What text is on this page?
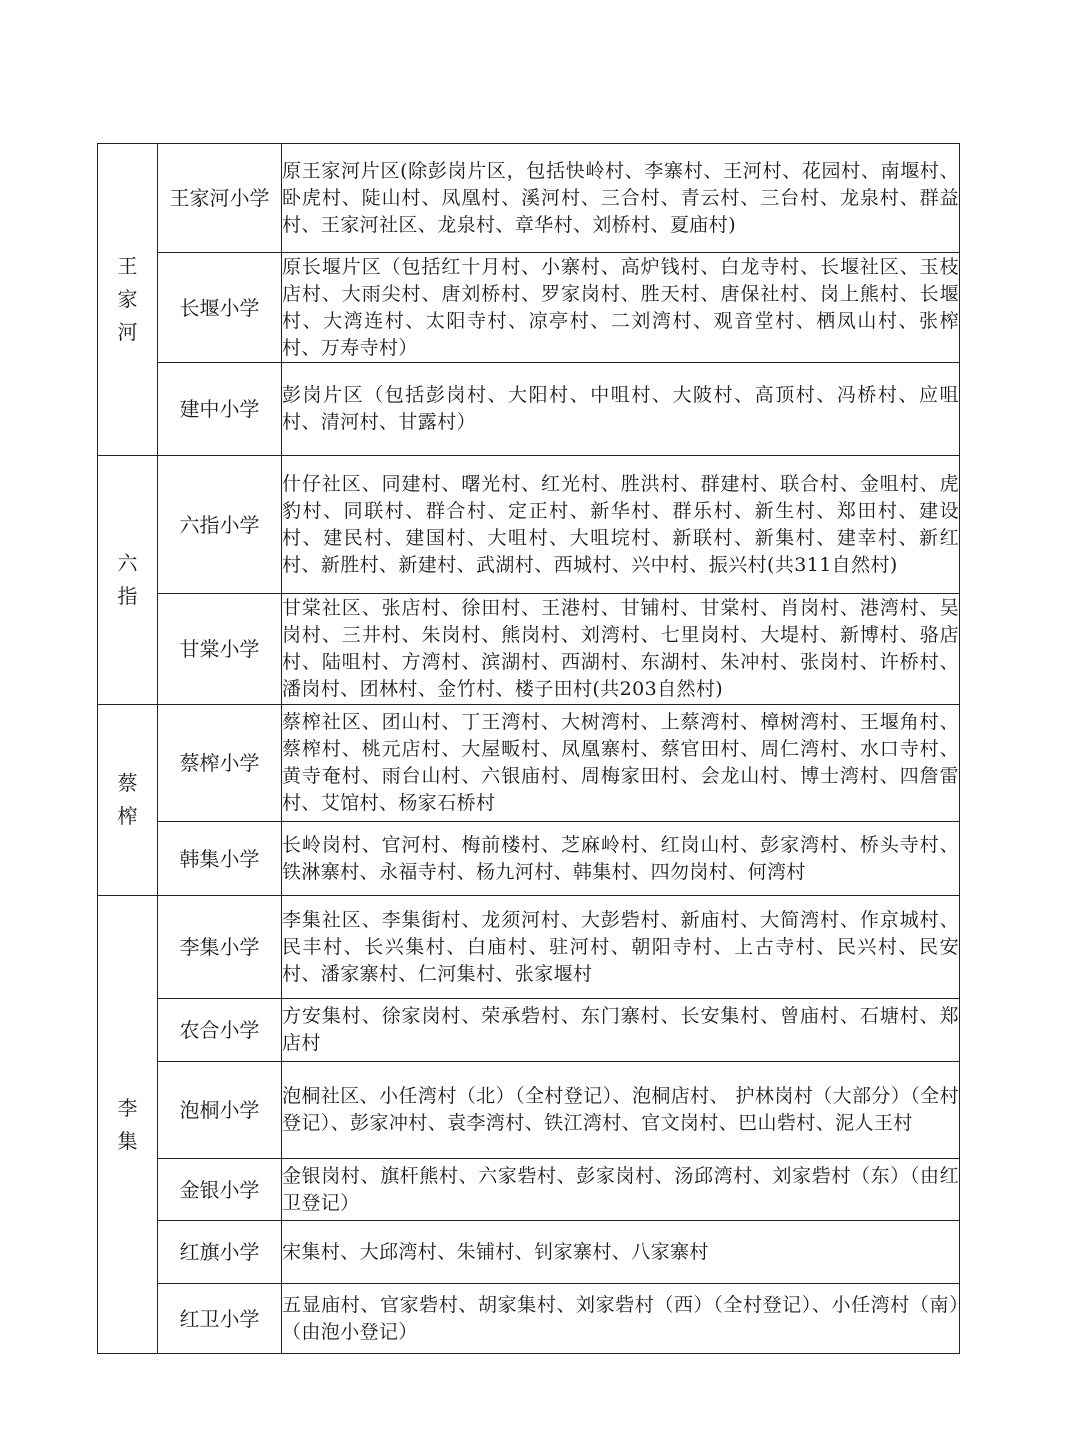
王家河	王家河小学	原王家河片区(除彭岗片区，包括快岭村、李寨村、王河村、花园村、南堰村、卧虎村、陡山村、凤凰村、溪河村、三合村、青云村、三台村、龙泉村、群益村、王家河社区、龙泉村、章华村、刘桥村、夏庙村)
	长堰小学	原长堰片区（包括红十月村、小寨村、高炉钱村、白龙寺村、长堰社区、玉枝店村、大雨尖村、唐刘桥村、罗家岗村、胜天村、唐保社村、岗上熊村、长堰村、大湾连村、太阳寺村、凉亭村、二刘湾村、观音堂村、栖凤山村、张榨村、万寿寺村）
	建中小学	彭岗片区（包括彭岗村、大阳村、中咀村、大陂村、高顶村、冯桥村、应咀村、清河村、甘露村）
六指	六指小学	什仔社区、同建村、曙光村、红光村、胜洪村、群建村、联合村、金咀村、虎豹村、同联村、群合村、定正村、新华村、群乐村、新生村、郑田村、建设村、建民村、建国村、大咀村、大咀垸村、新联村、新集村、建幸村、新红村、新胜村、新建村、武湖村、西城村、兴中村、振兴村(共311自然村)
	甘棠小学	甘棠社区、张店村、徐田村、王港村、甘铺村、甘棠村、肖岗村、港湾村、吴岗村、三井村、朱岗村、熊岗村、刘湾村、七里岗村、大堤村、新博村、骆店村、陆咀村、方湾村、滨湖村、西湖村、东湖村、朱冲村、张岗村、许桥村、潘岗村、团林村、金竹村、楼子田村(共203自然村)
蔡榨	蔡榨小学	蔡榨社区、团山村、丁王湾村、大树湾村、上蔡湾村、樟树湾村、王堰角村、蔡榨村、桃元店村、大屋畈村、凤凰寨村、蔡官田村、周仁湾村、水口寺村、黄寺奄村、雨台山村、六银庙村、周梅家田村、会龙山村、博士湾村、四詹雷村、艾馆村、杨家石桥村
	韩集小学	长岭岗村、官河村、梅前楼村、芝麻岭村、红岗山村、彭家湾村、桥头寺村、铁淋寨村、永福寺村、杨九河村、韩集村、四勿岗村、何湾村
李集	李集小学	李集社区、李集街村、龙须河村、大彭砦村、新庙村、大简湾村、作京城村、民丰村、长兴集村、白庙村、驻河村、朝阳寺村、上古寺村、民兴村、民安村、潘家寨村、仁河集村、张家堰村
	农合小学	方安集村、徐家岗村、荣承砦村、东门寨村、长安集村、曾庙村、石塘村、郑店村
	泡桐小学	泡桐社区、小任湾村（北）（全村登记）、泡桐店村、 护林岗村（大部分）（全村登记）、彭家冲村、袁李湾村、铁江湾村、官文岗村、巴山砦村、泥人王村
	金银小学	金银岗村、旗杆熊村、六家砦村、彭家岗村、汤邱湾村、刘家砦村（东）（由红卫登记）
	红旗小学	宋集村、大邱湾村、朱铺村、钊家寨村、八家寨村
	红卫小学	五显庙村、官家砦村、胡家集村、刘家砦村（西）（全村登记）、小任湾村（南）（由泡小登记）
